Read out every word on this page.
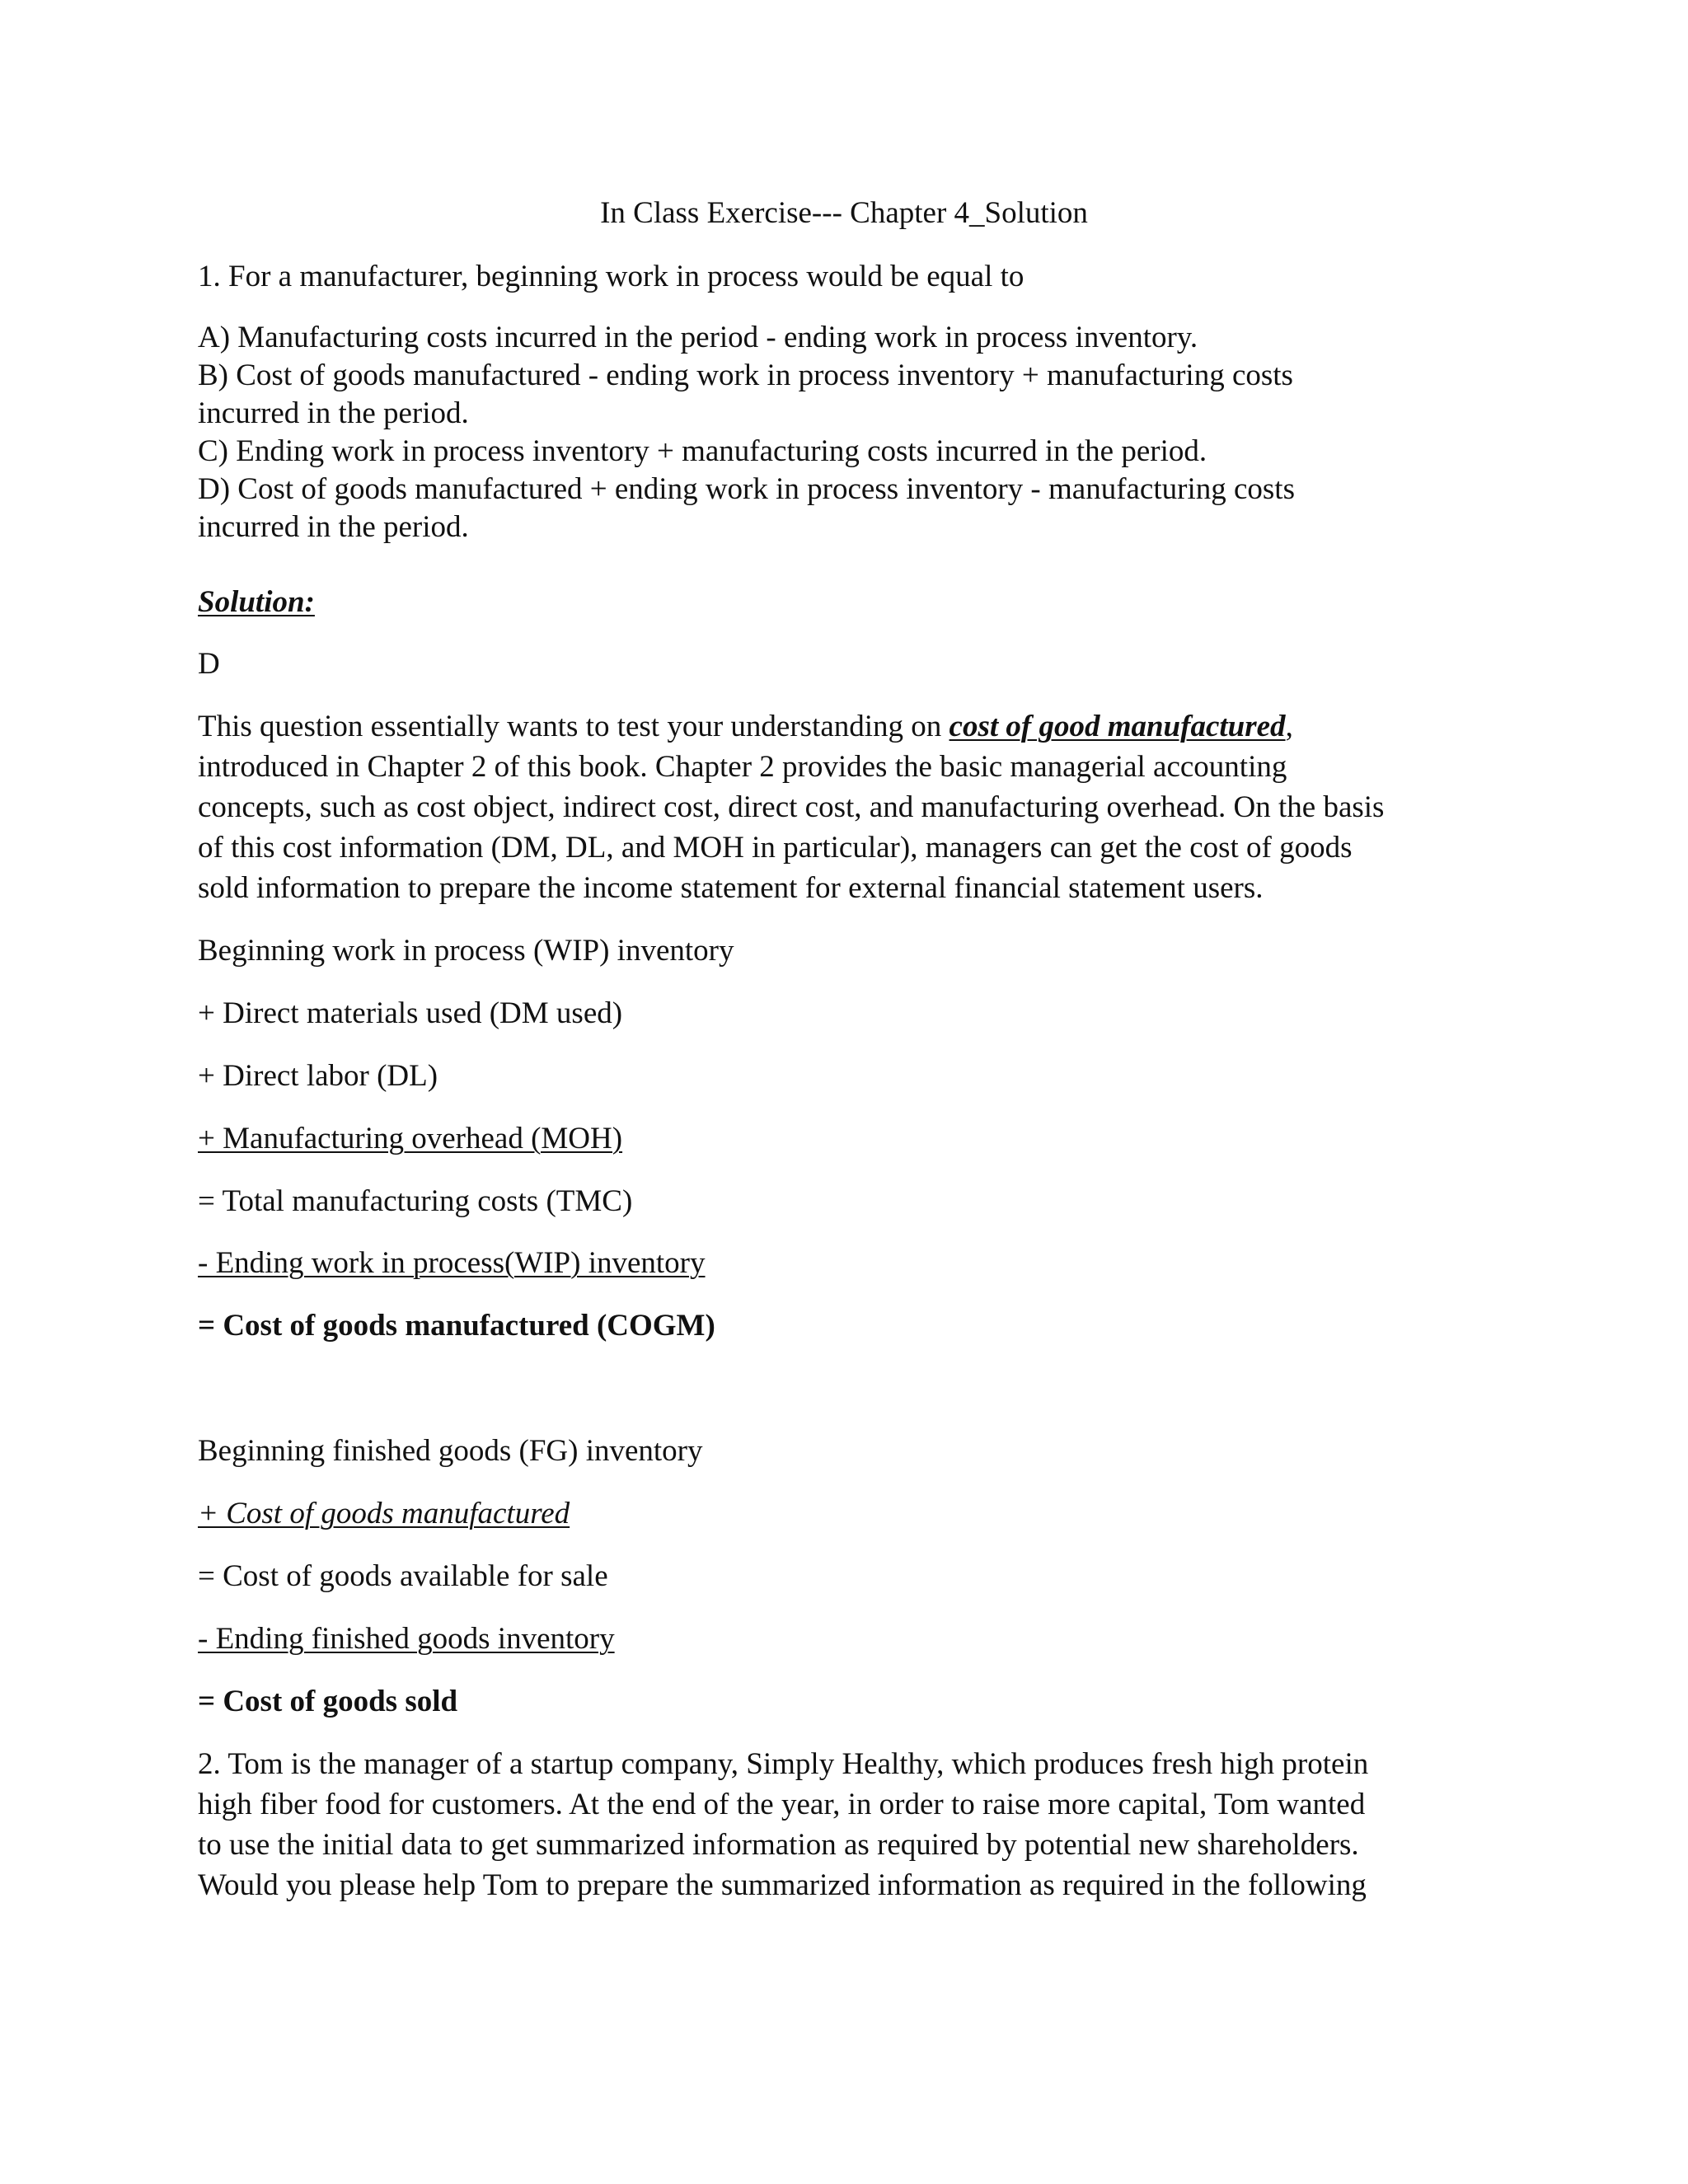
In Class Exercise--- Chapter 4_Solution

1. For a manufacturer, beginning work in process would be equal to

A) Manufacturing costs incurred in the period - ending work in process inventory.

B) Cost of goods manufactured - ending work in process inventory + manufacturing costs

incurred in the period.

C) Ending work in process inventory + manufacturing costs incurred in the period.

D) Cost of goods manufactured + ending work in process inventory - manufacturing costs

incurred in the period.

Solution:

D

This question essentially wants to test your understanding on cost of good manufactured,

introduced in Chapter 2 of this book. Chapter 2 provides the basic managerial accounting

concepts, such as cost object, indirect cost, direct cost, and manufacturing overhead. On the basis

of this cost information (DM, DL, and MOH in particular), managers can get the cost of goods

sold information to prepare the income statement for external financial statement users.

Beginning work in process (WIP) inventory

+ Direct materials used (DM used)

+ Direct labor (DL)

+ Manufacturing overhead (MOH)

= Total manufacturing costs (TMC)

- Ending work in process(WIP) inventory

= Cost of goods manufactured (COGM)

Beginning finished goods (FG) inventory

+ Cost of goods manufactured

= Cost of goods available for sale

- Ending finished goods inventory

= Cost of goods sold

2. Tom is the manager of a startup company, Simply Healthy, which produces fresh high protein

high fiber food for customers. At the end of the year, in order to raise more capital, Tom wanted

to use the initial data to get summarized information as required by potential new shareholders.

Would you please help Tom to prepare the summarized information as required in the following
